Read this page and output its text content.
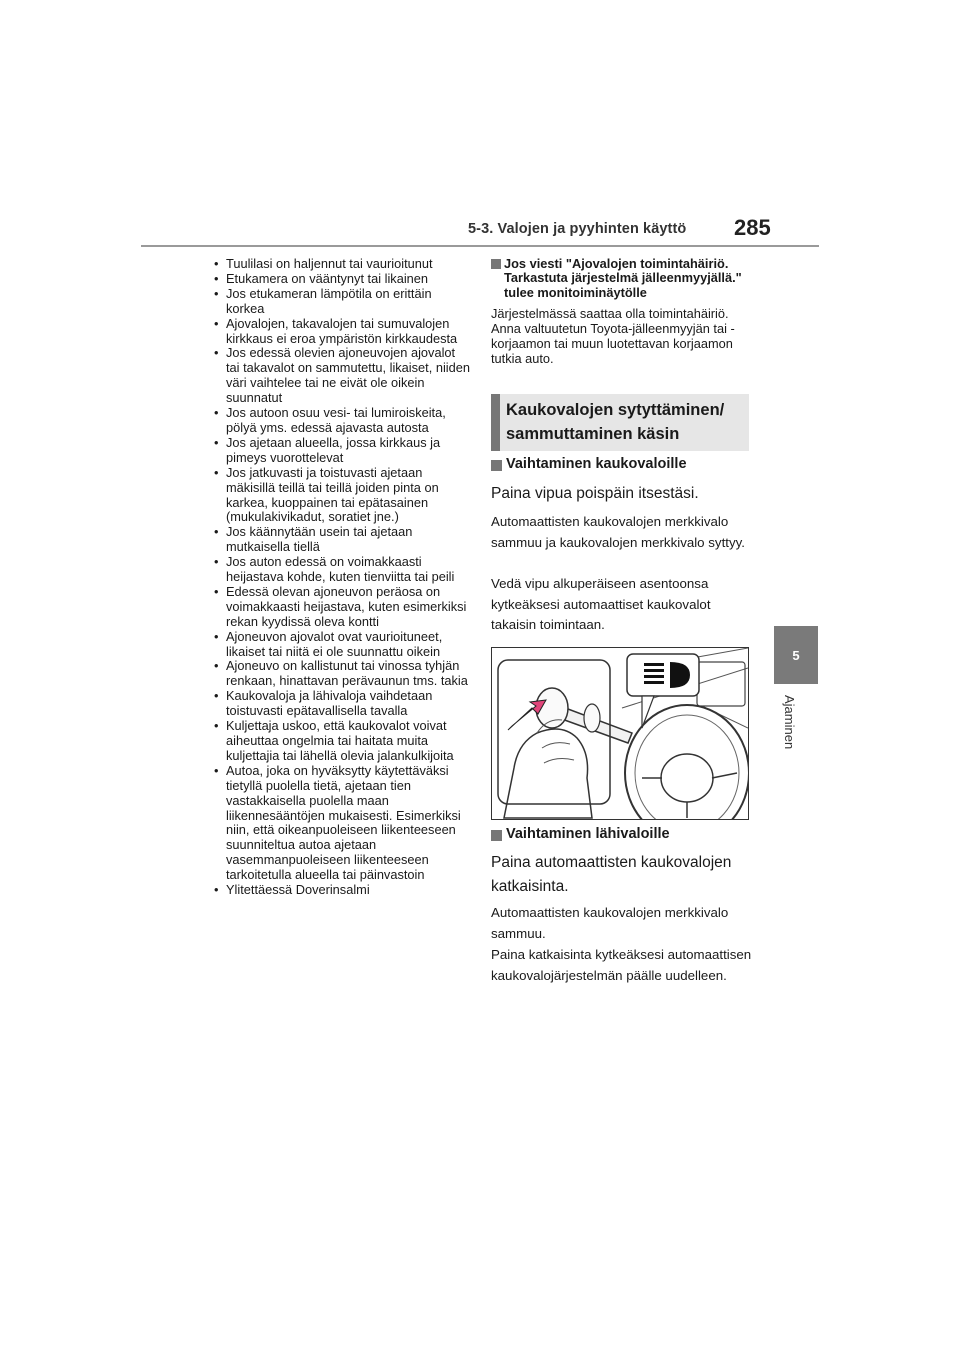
5-3. Valojen ja pyyhinten käyttö 285
5
Ajaminen
• Tuulilasi on haljennut tai vaurioitunut
• Etukamera on vääntynyt tai likainen
• Jos etukameran lämpötila on erittäin korkea
• Ajovalojen, takavalojen tai sumuvalojen kirkkaus ei eroa ympäristön kirkkaudesta
• Jos edessä olevien ajoneuvojen ajovalot tai takavalot on sammutettu, likaiset, niiden väri vaihtelee tai ne eivät ole oikein suunnatut
• Jos autoon osuu vesi- tai lumiroiskeita, pölyä yms. edessä ajavasta autosta
• Jos ajetaan alueella, jossa kirkkaus ja pimeys vuorottelevat
• Jos jatkuvasti ja toistuvasti ajetaan mäkisillä teillä tai teillä joiden pinta on karkea, kuoppainen tai epätasainen (mukulakivikadut, soratiet jne.)
• Jos käännytään usein tai ajetaan mutkaisella tiellä
• Jos auton edessä on voimakkaasti heijastava kohde, kuten tienviitta tai peili
• Edessä olevan ajoneuvon peräosa on voimakkaasti heijastava, kuten esimerkiksi rekan kyydissä oleva kontti
• Ajoneuvon ajovalot ovat vaurioituneet, likaiset tai niitä ei ole suunnattu oikein
• Ajoneuvo on kallistunut tai vinossa tyhjän renkaan, hinattavan perävaunun tms. takia
• Kaukovaloja ja lähivaloja vaihdetaan toistuvasti epätavallisella tavalla
• Kuljettaja uskoo, että kaukovalot voivat aiheuttaa ongelmia tai haitata muita kuljettajia tai lähellä olevia jalankulkijoita
• Autoa, joka on hyväksytty käytettäväksi tietyllä puolella tietä, ajetaan tien vastakkaisella puolella maan liikennesääntöjen mukaisesti. Esimerkiksi niin, että oikeanpuoleiseen liikenteeseen suunniteltua autoa ajetaan vasemmanpuoleiseen liikenteeseen tarkoitetulla alueella tai päinvastoin
• Ylitettäessä Doverinsalmi
Jos viesti "Ajovalojen toimintahäiriö. Tarkastuta järjestelmä jälleenmyyjällä." tulee monitoiminäytölle
Järjestelmässä saattaa olla toimintahäiriö. Anna valtuutetun Toyota-jälleenmyyjän tai -korjaamon tai muun luotettavan korjaamon tutkia auto.
Kaukovalojen sytyttäminen/
sammuttaminen käsin
Vaihtaminen kaukovaloille
Paina vipua poispäin itsestäsi.
Automaattisten kaukovalojen merkkivalo sammuu ja kaukovalojen merkkivalo syttyy.
Vedä vipu alkuperäiseen asentoonsa kytkeäksesi automaattiset kaukovalot takaisin toimintaan.
Vaihtaminen lähivaloille
Paina automaattisten kaukovalojen katkaisinta.
Automaattisten kaukovalojen merkkivalo sammuu.
Paina katkaisinta kytkeäksesi automaattisen kaukovalojärjestelmän päälle uudelleen.
